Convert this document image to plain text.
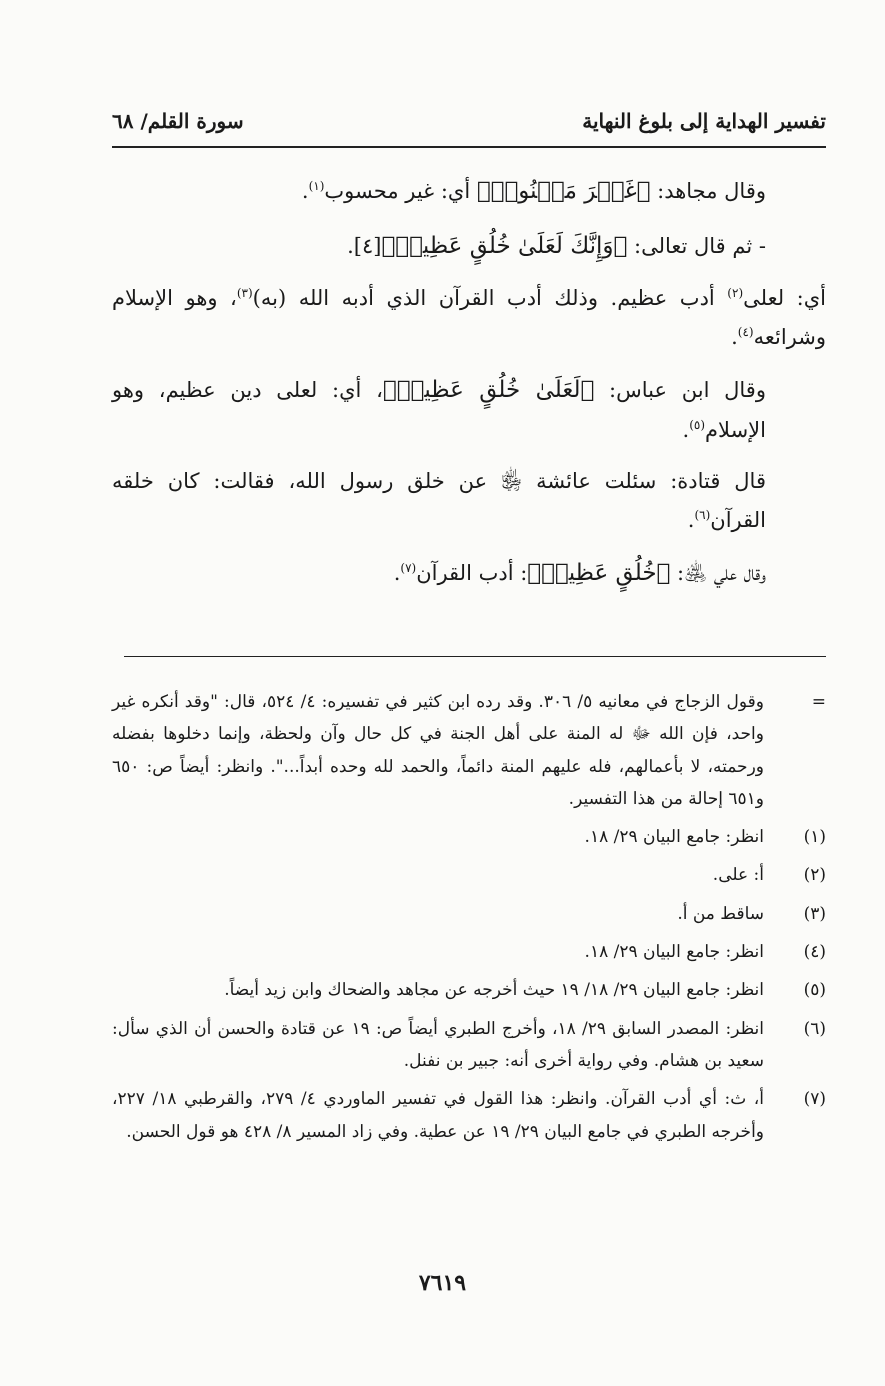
تفسير الهداية إلى بلوغ النهاية
سورة القلم/ ٦٨

وقال مجاهد: ﴿غَيۡرَ مَمۡنُونٖ﴾ أي: غير محسوب$^{(١)}$.

- ثم قال تعالى: ﴿وَإِنَّكَ لَعَلَىٰ خُلُقٍ عَظِيمٖ﴾[٤].

أي: لعلى$^{(٢)}$ أدب عظيم. وذلك أدب القرآن الذي أدبه الله (به)$^{(٣)}$، وهو الإسلام وشرائعه$^{(٤)}$.

وقال ابن عباس: ﴿لَعَلَىٰ خُلُقٍ عَظِيمٖ﴾، أي: لعلى دين عظيم، وهو الإسلام$^{(٥)}$.

قال قتادة: سئلت عائشة ﵂ عن خلق رسول الله، فقالت: كان خلقه القرآن$^{(٦)}$.

وقال علي ﵁: ﴿خُلُقٍ عَظِيمٖ﴾: أدب القرآن$^{(٧)}$.

=
وقول الزجاج في معانيه ٥/ ٣٠٦. وقد رده ابن كثير في تفسيره: ٤/ ٥٢٤، قال: "وقد أنكره غير واحد، فإن الله ﷻ له المنة على أهل الجنة في كل حال وآن ولحظة، وإنما دخلوها بفضله ورحمته، لا بأعمالهم، فله عليهم المنة دائماً، والحمد لله وحده أبداً...". وانظر: أيضاً ص: ٦٥٠ و٦٥١ إحالة من هذا التفسير.
(١)
انظر: جامع البيان ٢٩/ ١٨.
(٢)
أ: على.
(٣)
ساقط من أ.
(٤)
انظر: جامع البيان ٢٩/ ١٨.
(٥)
انظر: جامع البيان ٢٩/ ١٨/ ١٩ حيث أخرجه عن مجاهد والضحاك وابن زيد أيضاً.
(٦)
انظر: المصدر السابق ٢٩/ ١٨، وأخرج الطبري أيضاً ص: ١٩ عن قتادة والحسن أن الذي سأل: سعيد بن هشام. وفي رواية أخرى أنه: جبير بن نفنل.
(٧)
أ، ث: أي أدب القرآن. وانظر: هذا القول في تفسير الماوردي ٤/ ٢٧٩، والقرطبي ١٨/ ٢٢٧، وأخرجه الطبري في جامع البيان ٢٩/ ١٩ عن عطية. وفي زاد المسير ٨/ ٤٢٨ هو قول الحسن.
٧٦١٩
